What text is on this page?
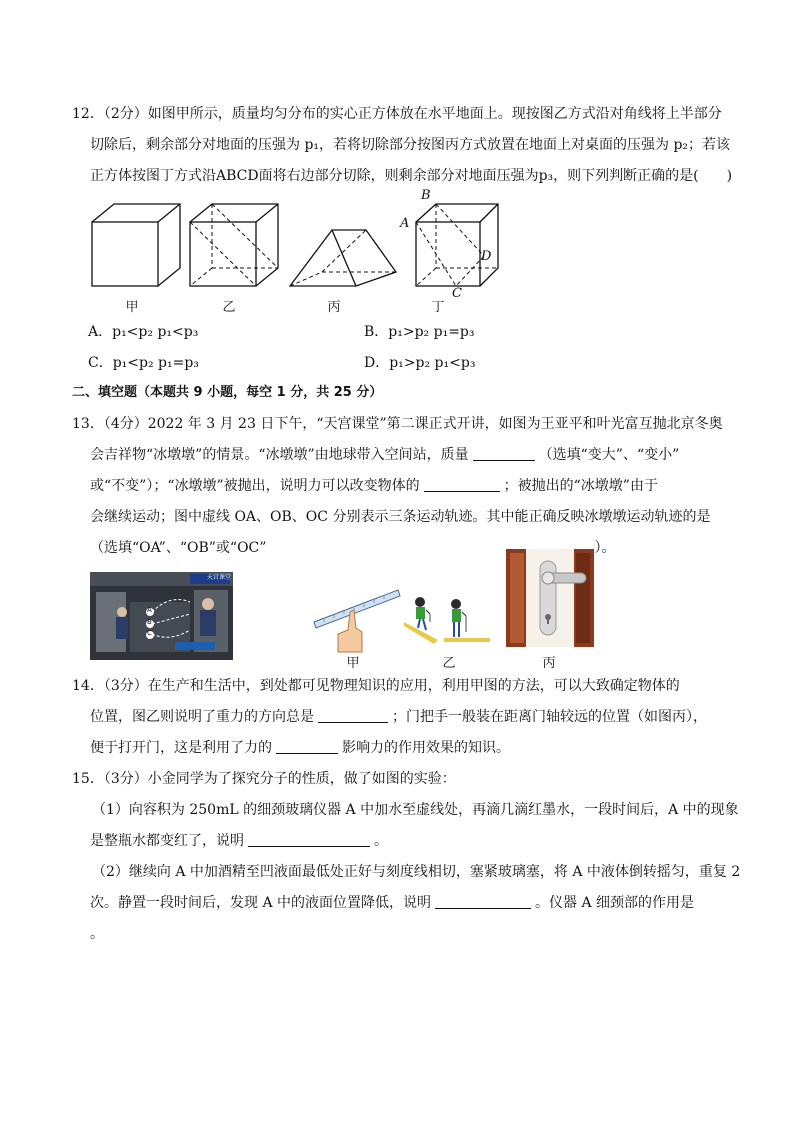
12．（2分）如图甲所示，质量均匀分布的实心正方体放在水平地面上。现按图乙方式沿对角线将上半部分
切除后，剩余部分对地面的压强为 p₁，若将切除部分按图丙方式放置在地面上对桌面的压强为 p₂；若该
正方体按图丁方式沿ABCD面将右边部分切除，则剩余部分对地面压强为p₃，则下列判断正确的是(　　)
甲	乙	丙
B
A
D
C
丁
A．p₁<p₂ p₁<p₃	B．p₁>p₂ p₁=p₃
C．p₁<p₂ p₁=p₃	D．p₁>p₂ p₁<p₃
二、填空题（本题共 9 小题，每空 1 分，共 25 分）
13．（4分）2022 年 3 月 23 日下午，“天宫课堂”第二课正式开讲，如图为王亚平和叶光富互抛北京冬奥
会吉祥物“冰墩墩”的情景。“冰墩墩”由地球带入空间站，质量	（选填“变大”、“变小”
或“不变”）；“冰墩墩”被抛出，说明力可以改变物体的	；被抛出的“冰墩墩”由于
会继续运动；图中虚线 OA、OB、OC 分别表示三条运动轨迹。其中能正确反映冰墩墩运动轨迹的是
（选填“OA”、“OB”或“OC”	）。
天宫课堂
A
B
C
甲	乙	丙
14．（3分）在生产和生活中，到处都可见物理知识的应用，利用甲图的方法，可以大致确定物体的
位置，图乙则说明了重力的方向总是	；门把手一般装在距离门轴较远的位置（如图丙），
便于打开门，这是利用了力的	影响力的作用效果的知识。
15．（3分）小金同学为了探究分子的性质，做了如图的实验：
（1）向容积为 250mL 的细颈玻璃仪器 A 中加水至虚线处，再滴几滴红墨水，一段时间后，A 中的现象
是整瓶水都变红了，说明	。
（2）继续向 A 中加酒精至凹液面最低处正好与刻度线相切，塞紧玻璃塞，将 A 中液体倒转摇匀，重复 2
次。静置一段时间后，发现 A 中的液面位置降低，说明	。仪器 A 细颈部的作用是
。
